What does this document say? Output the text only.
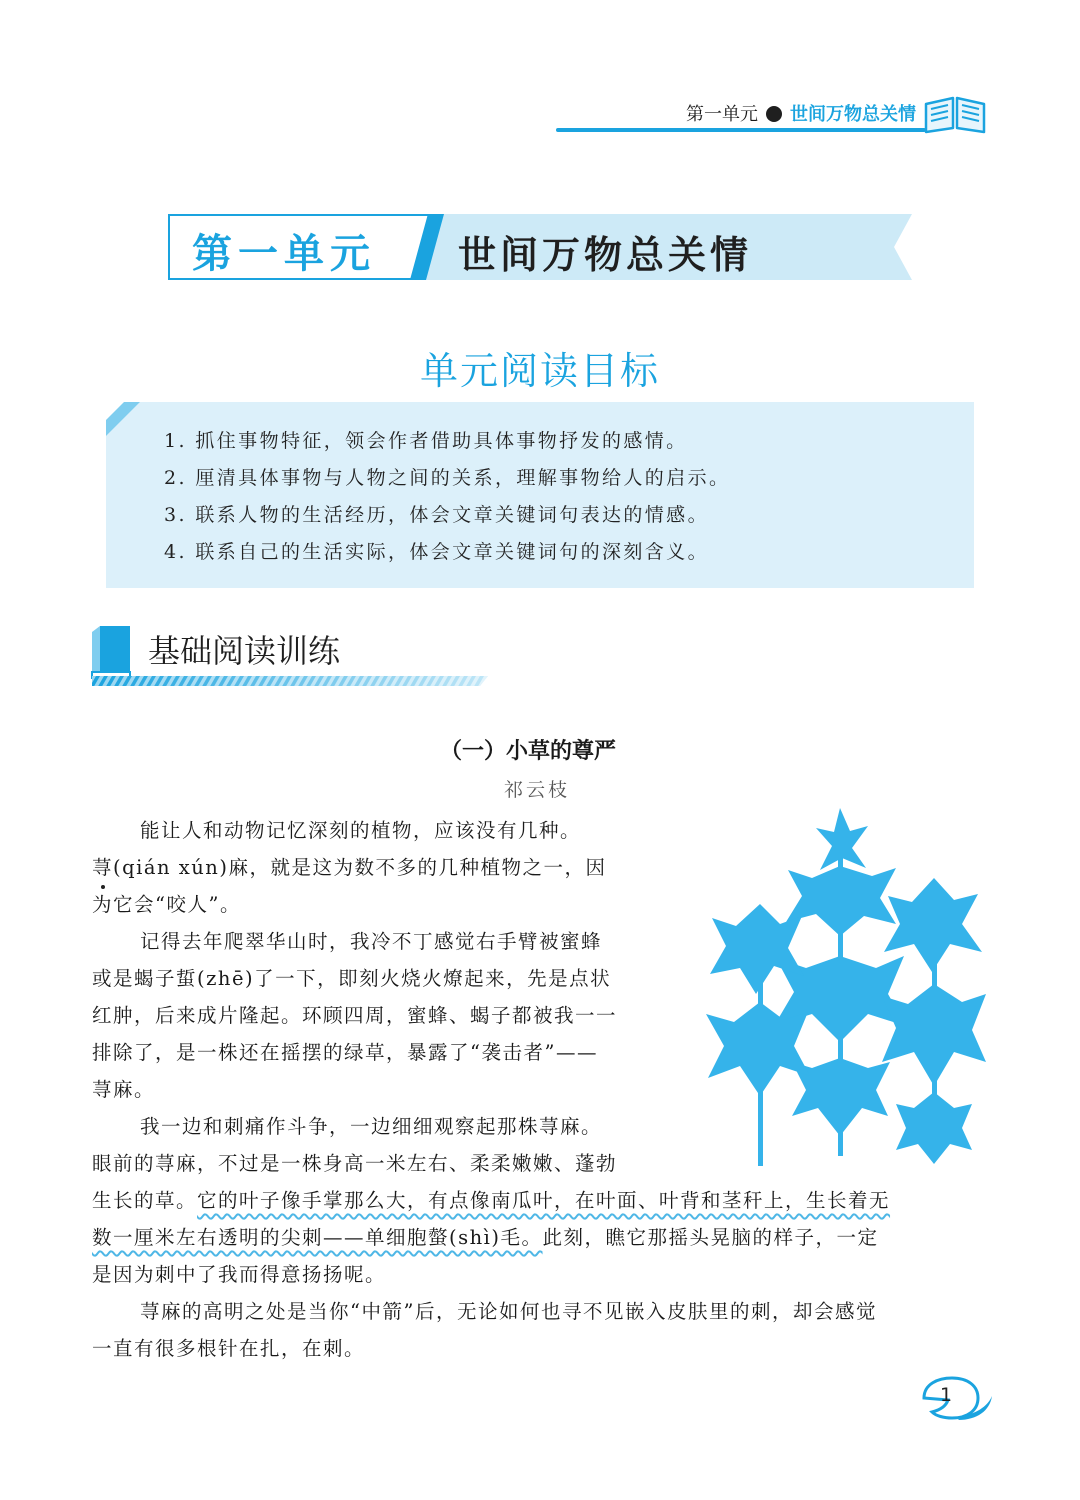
第一单元 世间万物总关情
第一单元 世间万物总关情
单元阅读目标
1. 抓住事物特征，领会作者借助具体事物抒发的感情。
2. 厘清具体事物与人物之间的关系，理解事物给人的启示。
3. 联系人物的生活经历，体会文章关键词句表达的情感。
4. 联系自己的生活实际，体会文章关键词句的深刻含义。
基础阅读训练
（一）小草的尊严
祁云枝
能让人和动物记忆深刻的植物，应该没有几种。
荨(qián xún)麻，就是这为数不多的几种植物之一，因
为它会“咬人”。
记得去年爬翠华山时，我冷不丁感觉右手臂被蜜蜂
或是蝎子蜇(zhē)了一下，即刻火烧火燎起来，先是点状
红肿，后来成片隆起。环顾四周，蜜蜂、蝎子都被我一一
排除了，是一株还在摇摆的绿草，暴露了“袭击者”——
荨麻。
我一边和刺痛作斗争，一边细细观察起那株荨麻。
眼前的荨麻，不过是一株身高一米左右、柔柔嫩嫩、蓬勃
生长的草。它的叶子像手掌那么大，有点像南瓜叶，在叶面、叶背和茎秆上，生长着无
数一厘米左右透明的尖刺——单细胞螫(shì)毛。此刻，瞧它那摇头晃脑的样子，一定
是因为刺中了我而得意扬扬呢。
荨麻的高明之处是当你“中箭”后，无论如何也寻不见嵌入皮肤里的刺，却会感觉
一直有很多根针在扎，在刺。
1
